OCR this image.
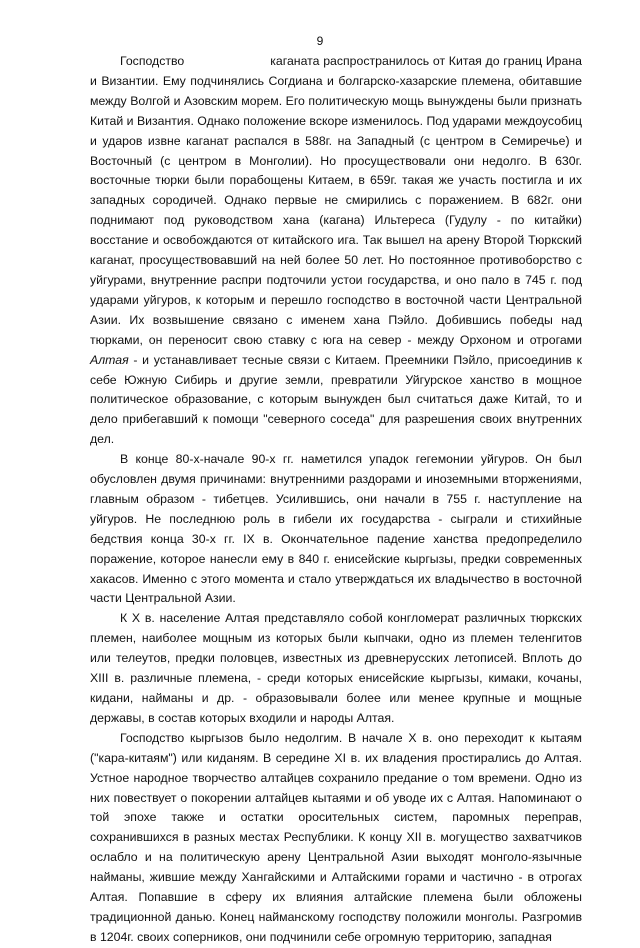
9

Господство	каганата распространилось от Китая до границ Ирана и Византии. Ему подчинялись Согдиана и болгарско-хазарские племена, обитавшие между Волгой и Азовским морем. Его политическую мощь вынуждены были признать Китай и Византия. Однако положение вскоре изменилось. Под ударами междоусобиц и ударов извне каганат распался в 588г. на Западный (с центром в Семиречье) и Восточный (с центром в Монголии). Но просуществовали они недолго. В 630г. восточные тюрки были порабощены Китаем, в 659г. такая же участь постигла и их западных сородичей. Однако первые не смирились с поражением. В 682г. они поднимают под руководством хана (кагана) Ильтереса (Гудулу - по китайки) восстание и освобождаются от китайского ига. Так вышел на арену Второй Тюркский каганат, просуществовавший на ней более 50 лет. Но постоянное противоборство с уйгурами, внутренние распри подточили устои государства, и оно пало в 745 г. под ударами уйгуров, к которым и перешло господство в восточной части Центральной Азии. Их возвышение связано с именем хана Пэйло. Добившись победы над тюрками, он переносит свою ставку с юга на север - между Орхоном и отрогами Алтая - и устанавливает тесные связи с Китаем. Преемники Пэйло, присоединив к себе Южную Сибирь и другие земли, превратили Уйгурское ханство в мощное политическое образование, с которым вынужден был считаться даже Китай, то и дело прибегавший к помощи "северного соседа" для разрешения своих внутренних дел.

В конце 80-х-начале 90-х гг. наметился упадок гегемонии уйгуров. Он был обусловлен двумя причинами: внутренними раздорами и иноземными вторжениями, главным образом - тибетцев. Усилившись, они начали в 755 г. наступление на уйгуров. Не последнюю роль в гибели их государства - сыграли и стихийные бедствия конца 30-х гг. IX в. Окончательное падение ханства предопределило поражение, которое нанесли ему в 840 г. енисейские кыргызы, предки современных хакасов. Именно с этого момента и стало утверждаться их владычество в восточной части Центральной Азии.

К Х в. население Алтая представляло собой конгломерат различных тюркских племен, наиболее мощным из которых были кыпчаки, одно из племен теленгитов или телеутов, предки половцев, известных из древнерусских летописей. Вплоть до XIII в. различные племена, - среди которых енисейские кыргызы, кимаки, кочаны, кидани, найманы и др. - образовывали более или менее крупные и мощные державы, в состав которых входили и народы Алтая.

Господство кыргызов было недолгим. В начале Х в. оно переходит к кытаям ("кара-китаям") или киданям. В середине XI в. их владения простирались до Алтая. Устное народное творчество алтайцев сохранило предание о том времени. Одно из них повествует о покорении алтайцев кытаями и об уводе их с Алтая. Напоминают о той эпохе также и остатки оросительных систем, паромных переправ, сохранившихся в разных местах Республики. К концу XII в. могущество захватчиков ослабло и на политическую арену Центральной Азии выходят монголо-язычные найманы, жившие между Хангайскими и Алтайскими горами и частично - в отрогах Алтая. Попавшие в сферу их влияния алтайские племена были обложены традиционной данью. Конец найманскому господству положили монголы. Разгромив в 1204г. своих соперников, они подчинили себе огромную территорию, западная
